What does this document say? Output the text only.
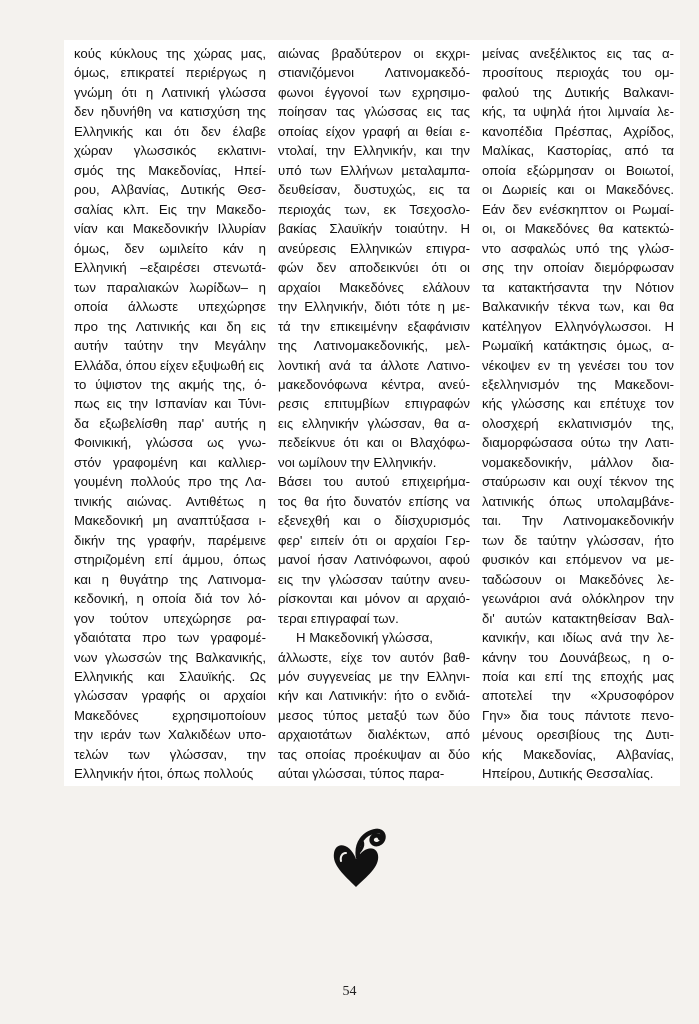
κούς κύκλους της χώρας μας,
όμως, επικρατεί περιέργως η
γνώμη ότι η Λατινική γλώσσα
δεν ηδυνήθη να κατισχύση της
Ελληνικής και ότι δεν έλαβε
χώραν γλωσσικός εκλατινι-
σμός της Μακεδονίας, Ηπεί-
ρου, Αλβανίας, Δυτικής Θεσ-
σαλίας κλπ. Εις την Μακεδο-
νίαν και Μακεδονικήν Ιλλυρίαν
όμως, δεν ωμιλείτο κάν η
Ελληνική –εξαιρέσει στενωτά-
των παραλιακών λωρίδων– η
οποία άλλωστε υπεχώρησε
προ της Λατινικής και δη εις
αυτήν ταύτην την Μεγάλην
Ελλάδα, όπου είχεν εξυψωθή εις
το ύψιστον της ακμής της, ό-
πως εις την Ισπανίαν και Τύνι-
δα εξωβελίσθη παρ' αυτής η
Φοινικική, γλώσσα ως γνω-
στόν γραφομένη και καλλιερ-
γουμένη πολλούς προ της Λα-
τινικής αιώνας. Αντιθέτως η
Μακεδονική μη αναπτύξασα ι-
δικήν της γραφήν, παρέμεινε
στηριζομένη επί άμμου, όπως
και η θυγάτηρ της Λατινομα-
κεδονική, η οποία διά τον λό-
γον τούτον υπεχώρησε ρα-
γδαιότατα προ των γραφομέ-
νων γλωσσών της Βαλκανικής,
Ελληνικής και Σλαυϊκής. Ως
γλώσσαν γραφής οι αρχαίοι
Μακεδόνες εχρησιμοποίουν
την ιεράν των Χαλκιδέων υπο-
τελών των γλώσσαν, την
Ελληνικήν ήτοι, όπως πολλούς
αιώνας βραδύτερον οι εκχρι-
στιανιζόμενοι Λατινομακεδό-
φωνοι έγγονοί των εχρησιμο-
ποίησαν τας γλώσσας εις τας
οποίας είχον γραφή αι θείαι ε-
ντολαί, την Ελληνικήν, και την
υπό των Ελλήνων μεταλαμπα-
δευθείσαν, δυστυχώς, εις τα
περιοχάς των, εκ Τσεχοσλο-
βακίας Σλαυϊκήν τοιαύτην. Η
ανεύρεσις Ελληνικών επιγρα-
φών δεν αποδεικνύει ότι οι
αρχαίοι Μακεδόνες ελάλουν
την Ελληνικήν, διότι τότε η με-
τά την επικειμένην εξαφάνισιν
της Λατινομακεδονικής, μελ-
λοντική ανά τα άλλοτε Λατινο-
μακεδονόφωνα κέντρα, ανεύ-
ρεσις επιτυμβίων επιγραφών
εις ελληνικήν γλώσσαν, θα α-
πεδείκνυε ότι και οι Βλαχόφω-
νοι ωμίλουν την Ελληνικήν.
Βάσει του αυτού επιχειρήμα-
τος θα ήτο δυνατόν επίσης να
εξενεχθή και ο δίισχυρισμός
φερ' ειπείν ότι οι αρχαίοι Γερ-
μανοί ήσαν Λατινόφωνοι, αφού
εις την γλώσσαν ταύτην ανευ-
ρίσκονται και μόνον αι αρχαιό-
τεραι επιγραφαί των.
Η Μακεδονική γλώσσα,
άλλωστε, είχε τον αυτόν βαθ-
μόν συγγενείας με την Ελληνι-
κήν και Λατινικήν: ήτο ο ενδιά-
μεσος τύπος μεταξύ των δύο
αρχαιοτάτων διαλέκτων, από
τας οποίας προέκυψαν αι δύο
αύται γλώσσαι, τύπος παρα-
μείνας ανεξέλικτος εις τας α-
προσίτους περιοχάς του ομ-
φαλού της Δυτικής Βαλκανι-
κής, τα υψηλά ήτοι λιμναία λε-
κανοπέδια Πρέσπας, Αχρίδος,
Μαλίκας, Καστορίας, από τα
οποία εξώρμησαν οι Βοιωτοί,
οι Δωριείς και οι Μακεδόνες.
Εάν δεν ενέσκηπτον οι Ρωμαί-
οι, οι Μακεδόνες θα κατεκτώ-
ντο ασφαλώς υπό της γλώσ-
σης την οποίαν διεμόρφωσαν
τα κατακτήσαντα την Νότιον
Βαλκανικήν τέκνα των, και θα
κατέληγον Ελληνόγλωσσοι. Η
Ρωμαϊκή κατάκτησις όμως, α-
νέκοψεν εν τη γενέσει του τον
εξελληνισμόν της Μακεδονι-
κής γλώσσης και επέτυχε τον
ολοσχερή εκλατινισμόν της,
διαμορφώσασα ούτω την Λατι-
νομακεδονικήν, μάλλον δια-
σταύρωσιν και ουχί τέκνον της
λατινικής όπως υπολαμβάνε-
ται. Την Λατινομακεδονικήν
των δε ταύτην γλώσσαν, ήτο
φυσικόν και επόμενον να με-
ταδώσουν οι Μακεδόνες λε-
γεωνάριοι ανά ολόκληρον την
δι' αυτών κατακτηθείσαν Βαλ-
κανικήν, και ιδίως ανά την λε-
κάνην του Δουνάβεως, η ο-
ποία και επί της εποχής μας
αποτελεί την «Χρυσοφόρον
Γην» δια τους πάντοτε πενο-
μένους ορεσιβίους της Δυτι-
κής Μακεδονίας, Αλβανίας,
Ηπείρου, Δυτικής Θεσσαλίας.
54
